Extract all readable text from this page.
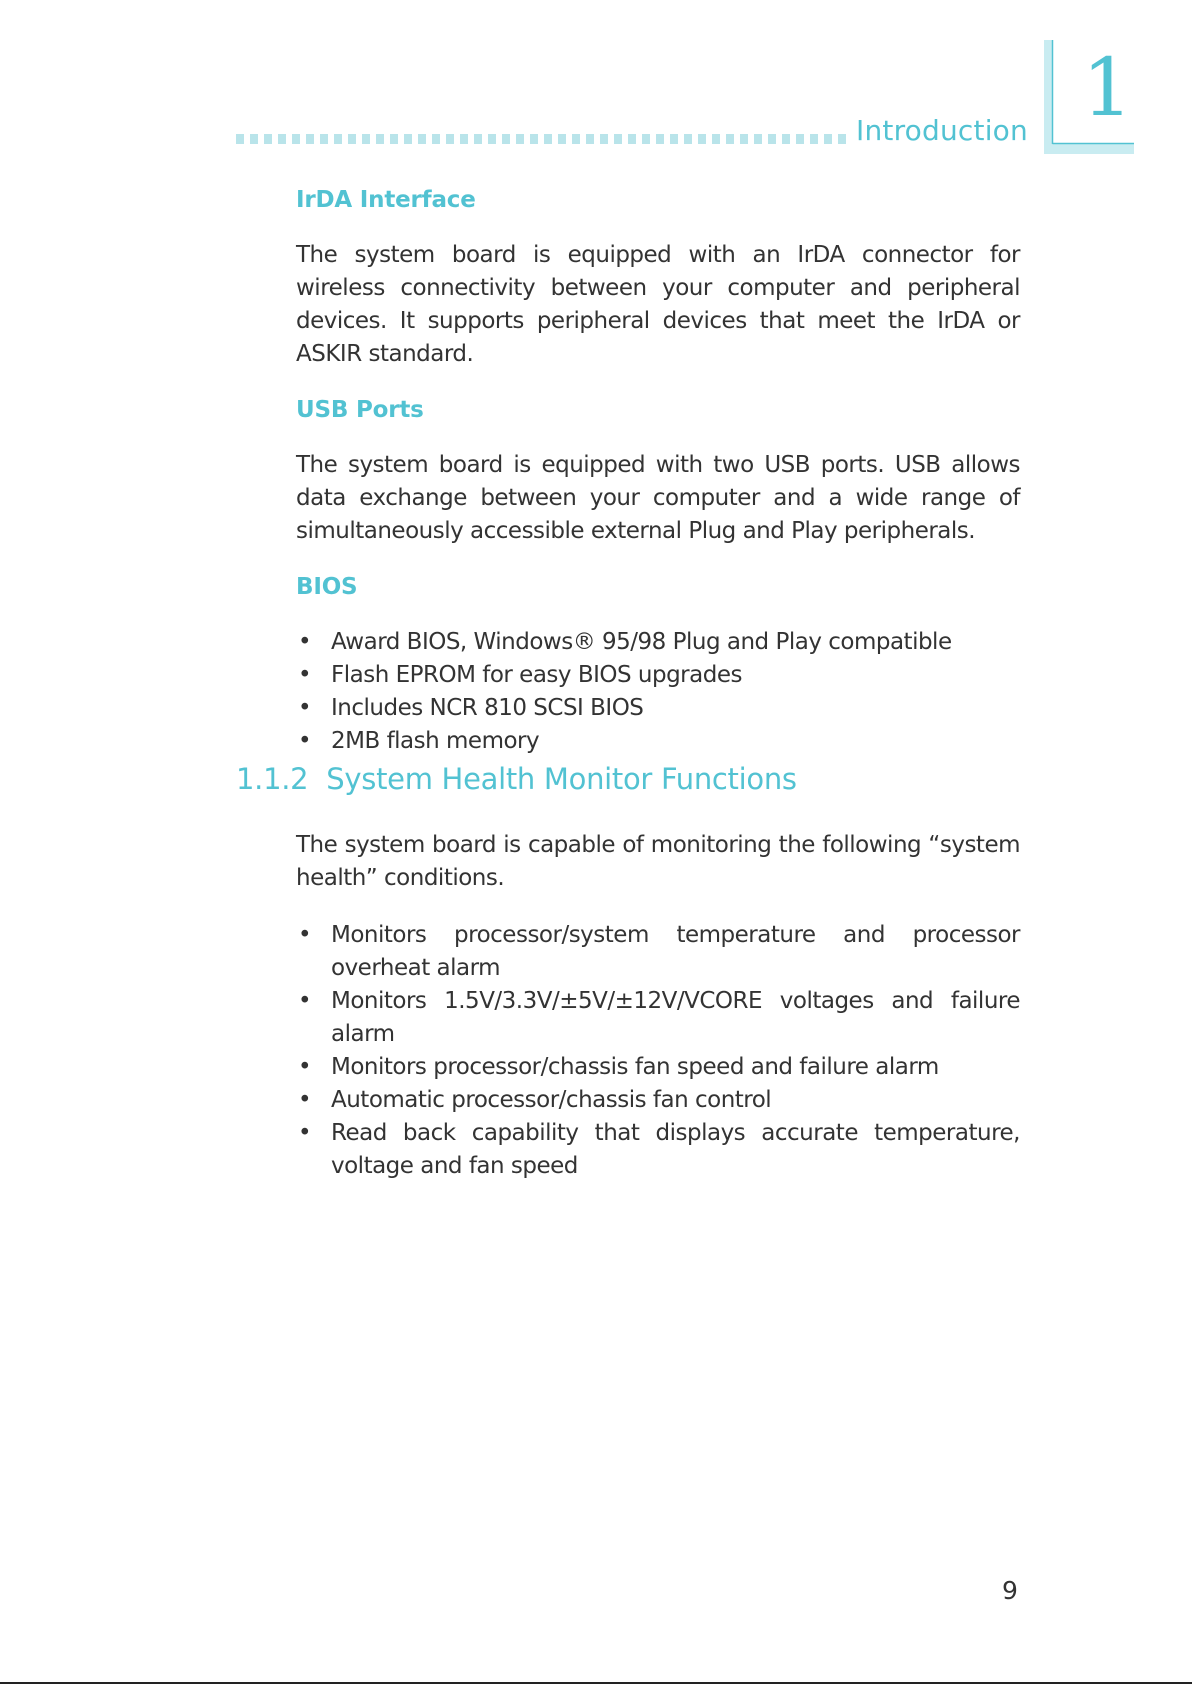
Introduction 1
IrDA Interface

The system board is equipped with an IrDA connector for wireless connectivity between your computer and peripheral devices. It supports peripheral devices that meet the IrDA or ASKIR standard.

USB Ports

The system board is equipped with two USB ports. USB allows data exchange between your computer and a wide range of simultaneously accessible external Plug and Play peripherals.

BIOS
• Award BIOS, Windows® 95/98 Plug and Play compatible
• Flash EPROM for easy BIOS upgrades
• Includes NCR 810 SCSI BIOS
• 2MB flash memory
1.1.2 System Health Monitor Functions

The system board is capable of monitoring the following “system health” conditions.

• Monitors processor/system temperature and processor overheat alarm
• Monitors 1.5V/3.3V/±5V/±12V/VCORE voltages and failure alarm
• Monitors processor/chassis fan speed and failure alarm
• Automatic processor/chassis fan control
• Read back capability that displays accurate temperature, voltage and fan speed
9
